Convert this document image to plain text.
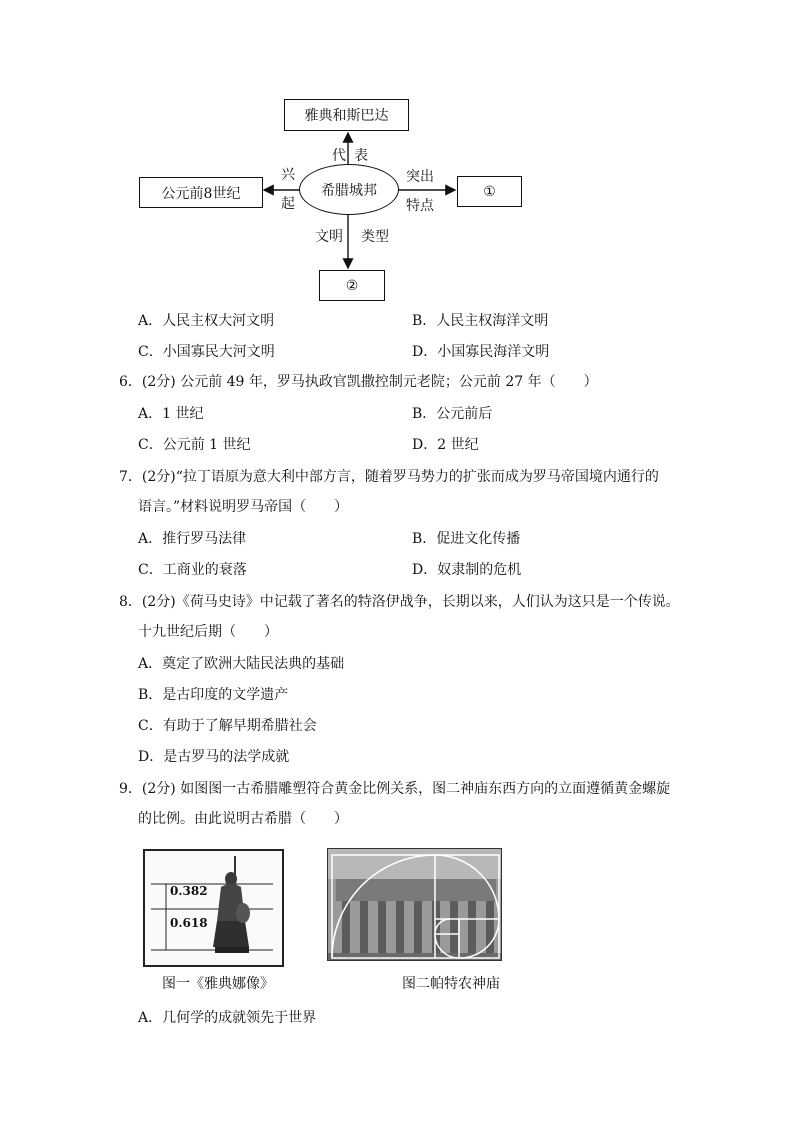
雅典和斯巴达
公元前8世纪	希腊城邦	①
②
代 表
兴
起
突出
特点
文明 类型
A．人民主权大河文明	B．人民主权海洋文明
C．小国寡民大河文明	D．小国寡民海洋文明
6．(2分) 公元前 49 年，罗马执政官凯撒控制元老院；公元前 27 年（　　）
A．1 世纪	B．公元前后
C．公元前 1 世纪	D．2 世纪
7．(2分)“拉丁语原为意大利中部方言，随着罗马势力的扩张而成为罗马帝国境内通行的
语言。”材料说明罗马帝国（　　）
A．推行罗马法律	B．促进文化传播
C．工商业的衰落	D．奴隶制的危机
8．(2分)《荷马史诗》中记载了著名的特洛伊战争，长期以来，人们认为这只是一个传说。
十九世纪后期（　　）
A．奠定了欧洲大陆民法典的基础
B．是古印度的文学遗产
C．有助于了解早期希腊社会
D．是古罗马的法学成就
9．(2分) 如图图一古希腊雕塑符合黄金比例关系，图二神庙东西方向的立面遵循黄金螺旋
的比例。由此说明古希腊（　　）
0.382
0.618
图一《雅典娜像》	图二帕特农神庙
A．几何学的成就领先于世界
